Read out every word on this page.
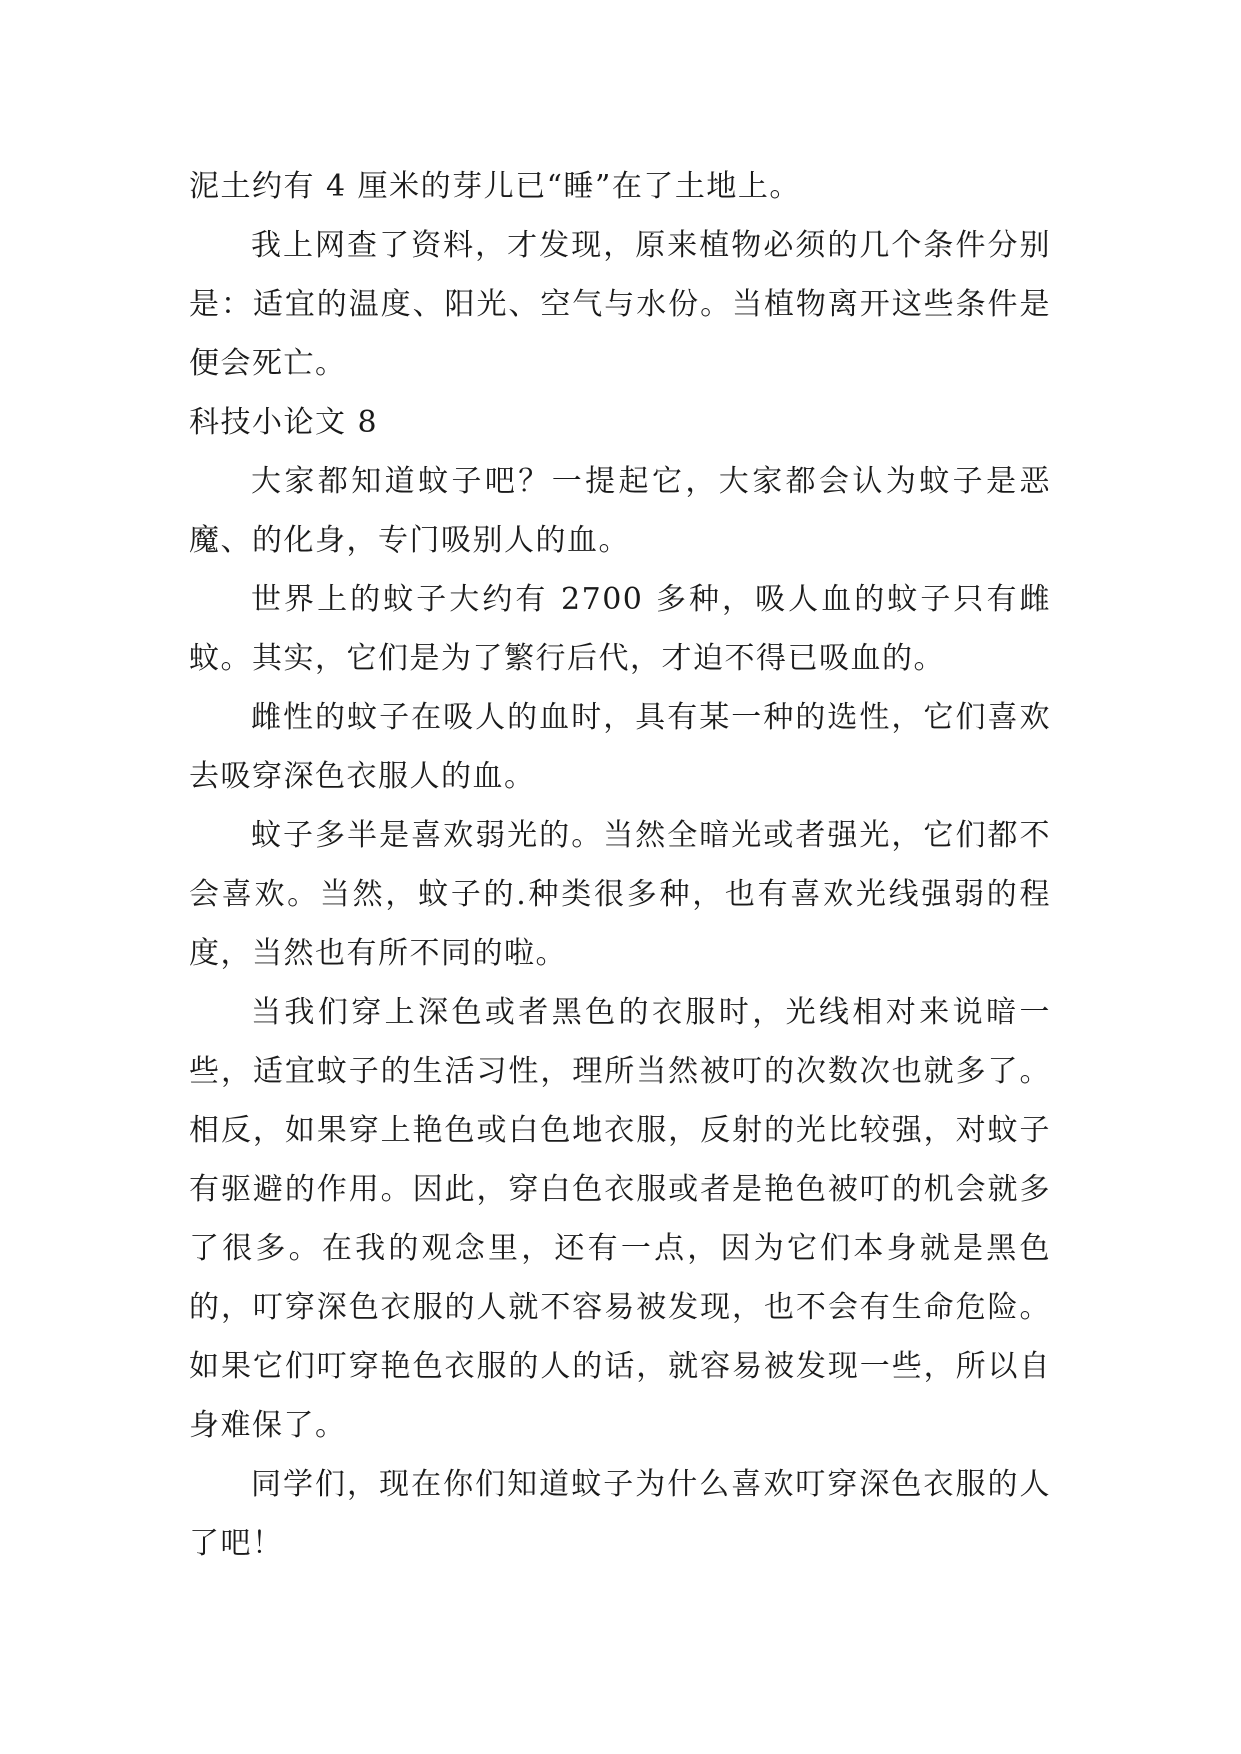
泥土约有 4 厘米的芽儿已“睡”在了土地上。

我上网查了资料，才发现，原来植物必须的几个条件分别是：适宜的温度、阳光、空气与水份。当植物离开这些条件是便会死亡。

科技小论文 8

大家都知道蚊子吧？一提起它，大家都会认为蚊子是恶魔、的化身，专门吸别人的血。

世界上的蚊子大约有 2700 多种，吸人血的蚊子只有雌蚊。其实，它们是为了繁行后代，才迫不得已吸血的。

雌性的蚊子在吸人的血时，具有某一种的选性，它们喜欢去吸穿深色衣服人的血。

蚊子多半是喜欢弱光的。当然全暗光或者强光，它们都不会喜欢。当然，蚊子的.种类很多种，也有喜欢光线强弱的程度，当然也有所不同的啦。

当我们穿上深色或者黑色的衣服时，光线相对来说暗一些，适宜蚊子的生活习性，理所当然被叮的次数次也就多了。相反，如果穿上艳色或白色地衣服，反射的光比较强，对蚊子有驱避的作用。因此，穿白色衣服或者是艳色被叮的机会就多了很多。在我的观念里，还有一点，因为它们本身就是黑色的，叮穿深色衣服的人就不容易被发现，也不会有生命危险。如果它们叮穿艳色衣服的人的话，就容易被发现一些，所以自身难保了。

同学们，现在你们知道蚊子为什么喜欢叮穿深色衣服的人了吧！
